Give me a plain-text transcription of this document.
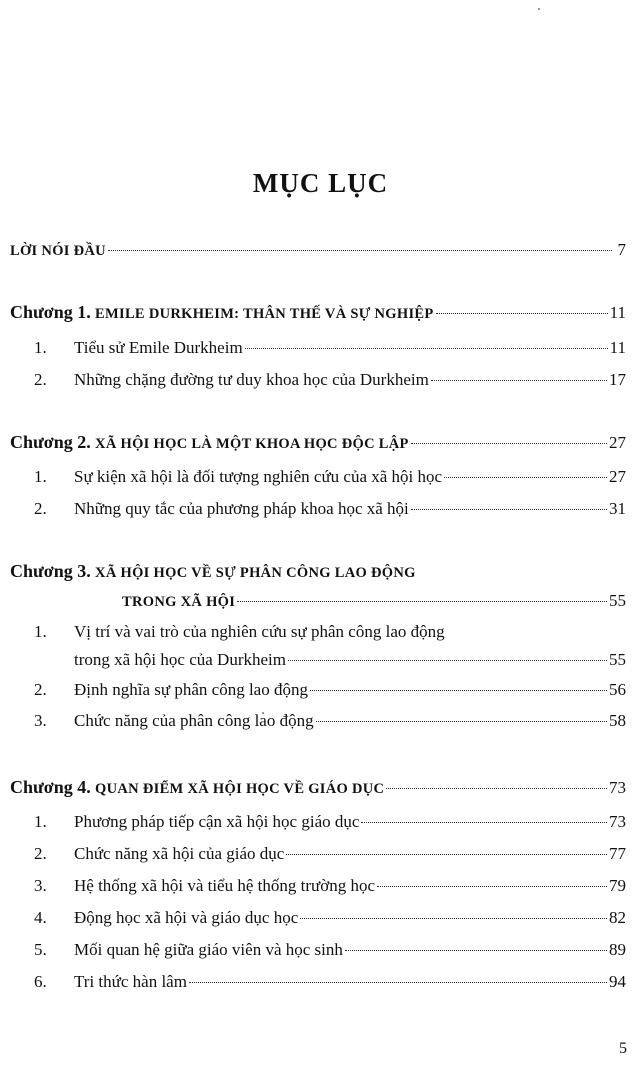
MỤC LỤC
LỜI NÓI ĐẦU	7
Chương 1. EMILE DURKHEIM: THÂN THẾ VÀ SỰ NGHIỆP	11
1. Tiểu sử Emile Durkheim	11
2. Những chặng đường tư duy khoa học của Durkheim	17
Chương 2. XÃ HỘI HỌC LÀ MỘT KHOA HỌC ĐỘC LẬP	27
1. Sự kiện xã hội là đối tượng nghiên cứu của xã hội học	27
2. Những quy tắc của phương pháp khoa học xã hội	31
Chương 3. XÃ HỘI HỌC VỀ SỰ PHÂN CÔNG LAO ĐỘNG
TRONG XÃ HỘI	55
1. Vị trí và vai trò của nghiên cứu sự phân công lao động
trong xã hội học của Durkheim	55
2. Định nghĩa sự phân công lao động	56
3. Chức năng của phân công lao động	58
Chương 4. QUAN ĐIỂM XÃ HỘI HỌC VỀ GIÁO DỤC	73
1. Phương pháp tiếp cận xã hội học giáo dục	73
2. Chức năng xã hội của giáo dục	77
3. Hệ thống xã hội và tiểu hệ thống trường học	79
4. Động học xã hội và giáo dục học	82
5. Mối quan hệ giữa giáo viên và học sinh	89
6. Tri thức hàn lâm	94
5
